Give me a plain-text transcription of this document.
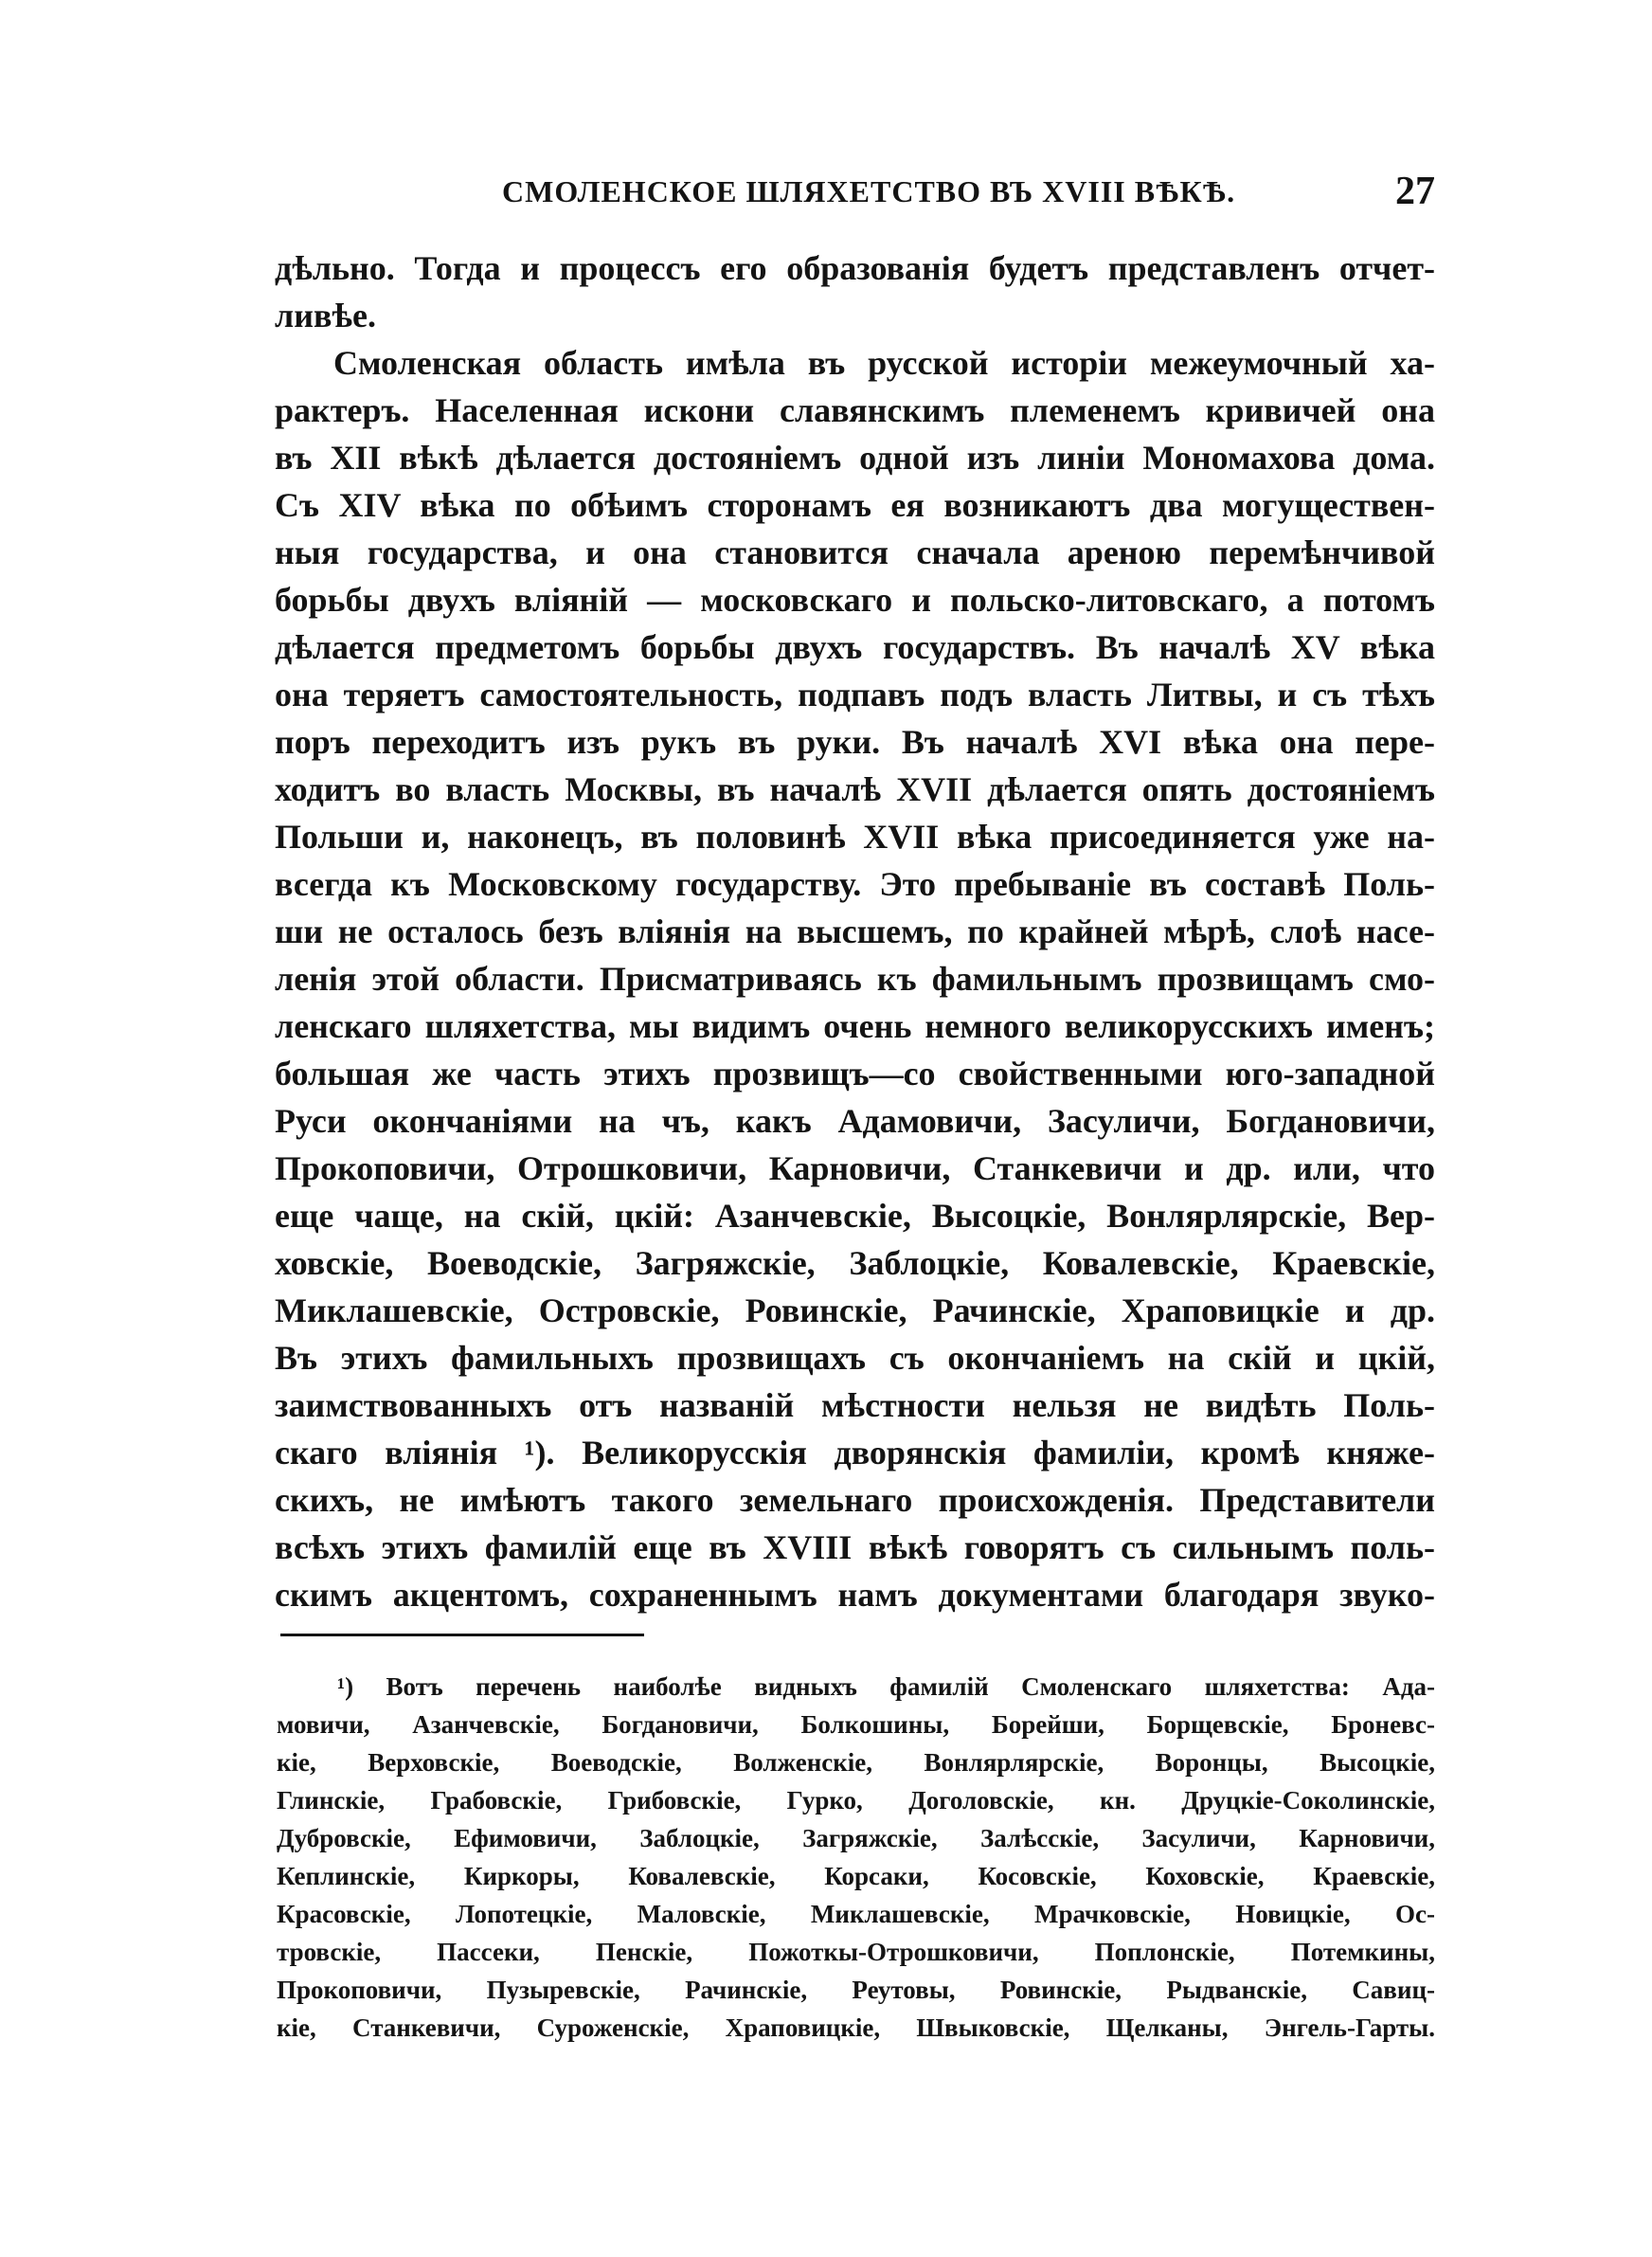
СМОЛЕНСКОЕ ШЛЯХЕТСТВО ВЪ XVIII ВѢКѢ.	27
дѣльно. Тогда и процессъ его образованія будетъ представленъ отчет-
ливѣе.
Смоленская область имѣла въ русской исторіи межеумочный ха-
рактеръ. Населенная искони славянскимъ племенемъ кривичей она
въ XII вѣкѣ дѣлается достояніемъ одной изъ линіи Мономахова дома.
Съ XIV вѣка по обѣимъ сторонамъ ея возникаютъ два могуществен-
ныя государства, и она становится сначала ареною перемѣнчивой
борьбы двухъ вліяній — московскаго и польско-литовскаго, а потомъ
дѣлается предметомъ борьбы двухъ государствъ. Въ началѣ XV вѣка
она теряетъ самостоятельность, подпавъ подъ власть Литвы, и съ тѣхъ
поръ переходитъ изъ рукъ въ руки. Въ началѣ XVI вѣка она пере-
ходитъ во власть Москвы, въ началѣ XVII дѣлается опять достояніемъ
Польши и, наконецъ, въ половинѣ XVII вѣка присоединяется уже на-
всегда къ Московскому государству. Это пребываніе въ составѣ Поль-
ши не осталось безъ вліянія на высшемъ, по крайней мѣрѣ, слоѣ насе-
ленія этой области. Присматриваясь къ фамильнымъ прозвищамъ смо-
ленскаго шляхетства, мы видимъ очень немного великорусскихъ именъ;
большая же часть этихъ прозвищъ—со свойственными юго-западной
Руси окончаніями на чъ, какъ Адамовичи, Засуличи, Богдановичи,
Прокоповичи, Отрошковичи, Карновичи, Станкевичи и др. или, что
еще чаще, на скій, цкій: Азанчевскіе, Высоцкіе, Вонлярлярскіе, Вер-
ховскіе, Воеводскіе, Загряжскіе, Заблоцкіе, Ковалевскіе, Краевскіе,
Миклашевскіе, Островскіе, Ровинскіе, Рачинскіе, Храповицкіе и др.
Въ этихъ фамильныхъ прозвищахъ съ окончаніемъ на скій и цкій,
заимствованныхъ отъ названій мѣстности нельзя не видѣть Поль-
скаго вліянія ¹). Великорусскія дворянскія фамиліи, кромѣ княже-
скихъ, не имѣютъ такого земельнаго происхожденія. Представители
всѣхъ этихъ фамилій еще въ XVIII вѣкѣ говорятъ съ сильнымъ поль-
скимъ акцентомъ, сохраненнымъ намъ документами благодаря звуко-
¹) Вотъ перечень наиболѣе видныхъ фамилій Смоленскаго шляхетства: Ада-
мовичи, Азанчевскіе, Богдановичи, Болкошины, Борейши, Борщевскіе, Броневс-
кіе, Верховскіе, Воеводскіе, Волженскіе, Вонлярлярскіе, Воронцы, Высоцкіе,
Глинскіе, Грабовскіе, Грибовскіе, Гурко, Доголовскіе, кн. Друцкіе-Соколинскіе,
Дубровскіе, Ефимовичи, Заблоцкіе, Загряжскіе, Залѣсскіе, Засуличи, Карновичи,
Кеплинскіе, Киркоры, Ковалевскіе, Корсаки, Косовскіе, Коховскіе, Краевскіе,
Красовскіе, Лопотецкіе, Маловскіе, Миклашевскіе, Мрачковскіе, Новицкіе, Ос-
тровскіе, Пассеки, Пенскіе, Пожоткы-Отрошковичи, Поплонскіе, Потемкины,
Прокоповичи, Пузыревскіе, Рачинскіе, Реутовы, Ровинскіе, Рыдванскіе, Савиц-
кіе, Станкевичи, Суроженскіе, Храповицкіе, Швыковскіе, Щелканы, Энгель-Гарты.
